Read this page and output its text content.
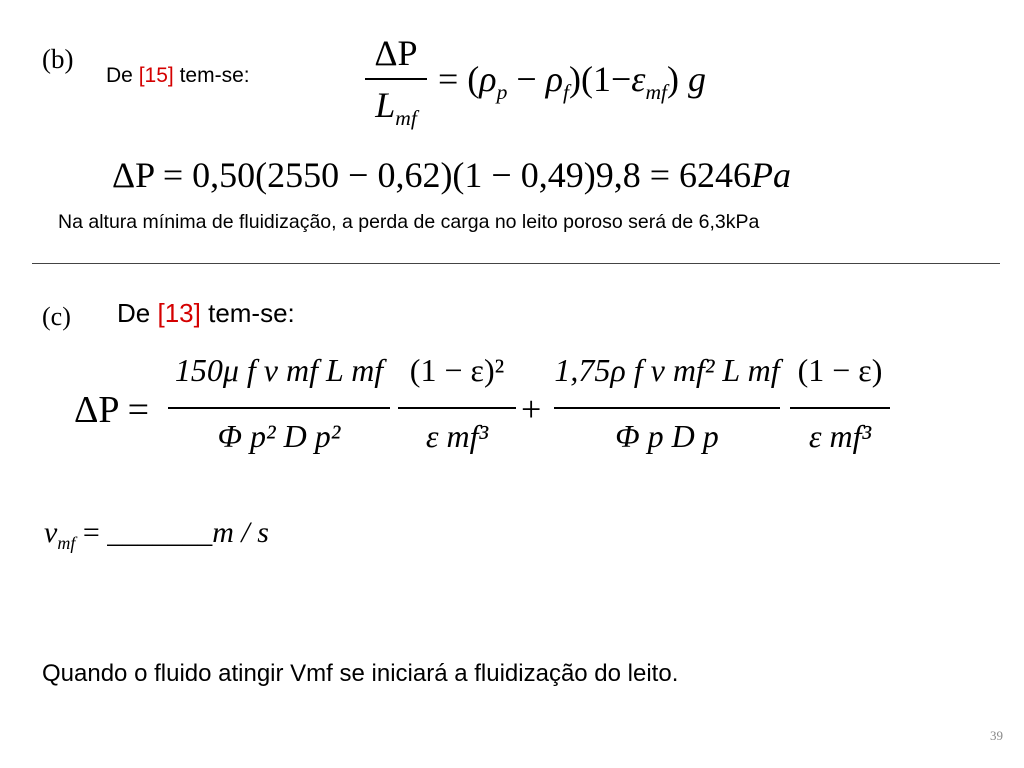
(b)
De [15] tem-se:
ΔP
$L_{mf}$
= $(\rho_p - \rho_f)(1-\varepsilon_{mf})$ g
ΔP = 0,50(2550 − 0,62)(1 − 0,49)9,8 = 6246Pa
Na altura mínima de fluidização, a perda de carga no leito poroso será de 6,3kPa
(c) De [13] tem-se:
ΔP =
150μ f v mf L mf
Φ p² D p²
(1 − ε)²
ε mf³
+
1,75ρ f v mf² L mf
Φ p D p
(1 − ε)
ε mf³
$v_{mf}$ = _______m / s
Quando o fluido atingir Vmf se iniciará a fluidização do leito.
39
